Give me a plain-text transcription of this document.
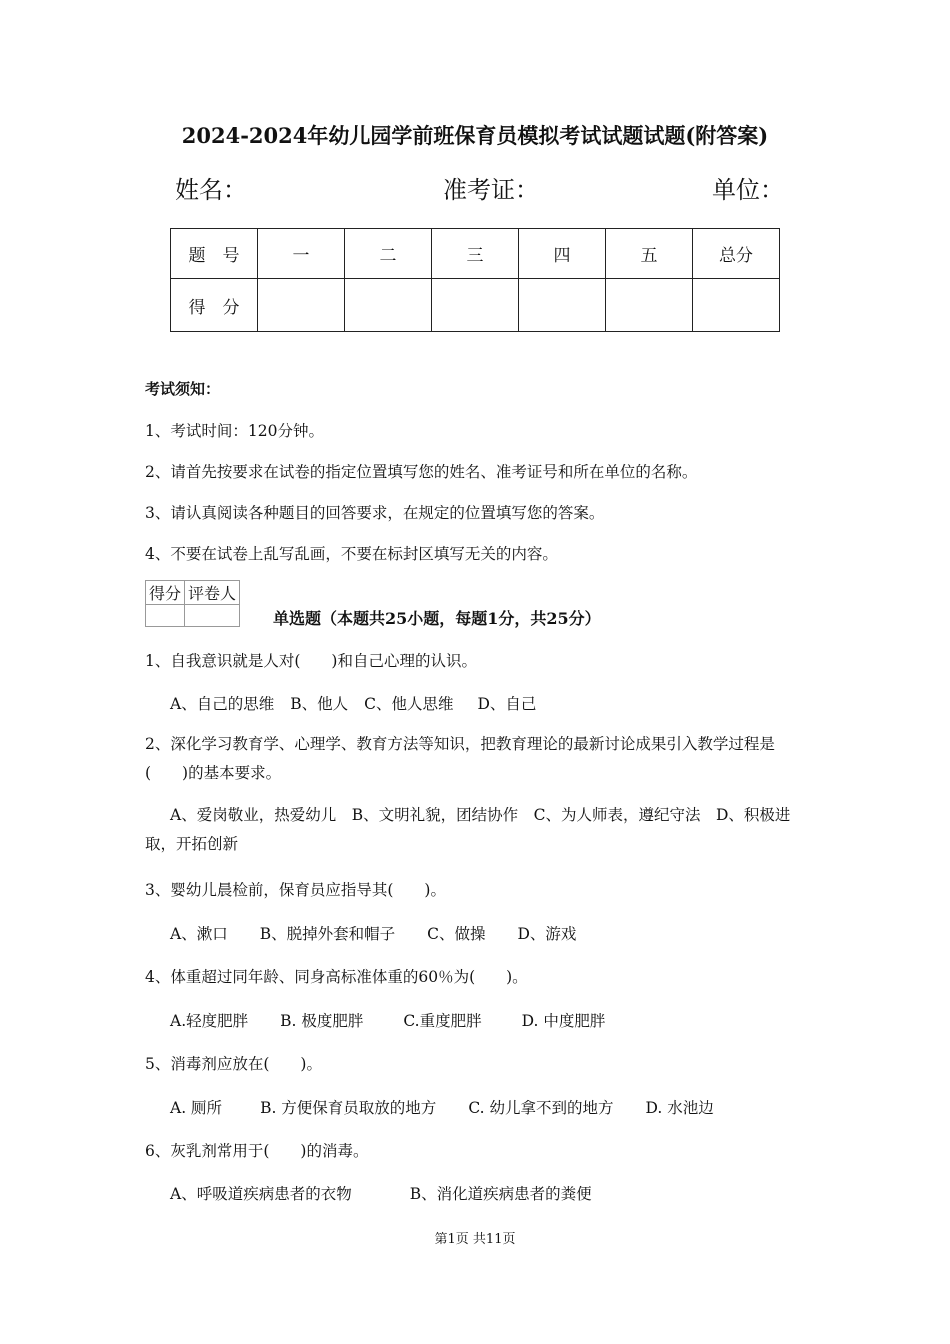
2024-2024年幼儿园学前班保育员模拟考试试题试题(附答案)
姓名：	准考证：	单位：
题　号	一	二	三	四	五	总分
得　分						
考试须知：
1、考试时间：120分钟。
2、请首先按要求在试卷的指定位置填写您的姓名、准考证号和所在单位的名称。
3、请认真阅读各种题目的回答要求，在规定的位置填写您的答案。
4、不要在试卷上乱写乱画，不要在标封区填写无关的内容。
得分	评卷人

单选题（本题共25小题，每题1分，共25分）
1、自我意识就是人对(　　)和自己心理的认识。
A、自己的思维 B、他人 C、他人思维 D、自己
2、深化学习教育学、心理学、教育方法等知识，把教育理论的最新讨论成果引入教学过程是(　　)的基本要求。
A、爱岗敬业，热爱幼儿　B、文明礼貌，团结协作　C、为人师表，遵纪守法　D、积极进取，开拓创新
3、婴幼儿晨检前，保育员应指导其(　　)。
A、漱口 B、脱掉外套和帽子 C、做操 D、游戏
4、体重超过同年龄、同身高标准体重的60％为(　　)。
A.轻度肥胖 B. 极度肥胖	C.重度肥胖	D. 中度肥胖
5、消毒剂应放在(　　)。
A. 厕所 B. 方便保育员取放的地方 C. 幼儿拿不到的地方 D. 水池边
6、灰乳剂常用于(　　)的消毒。
A、呼吸道疾病患者的衣物	B、消化道疾病患者的粪便
第1页 共11页
